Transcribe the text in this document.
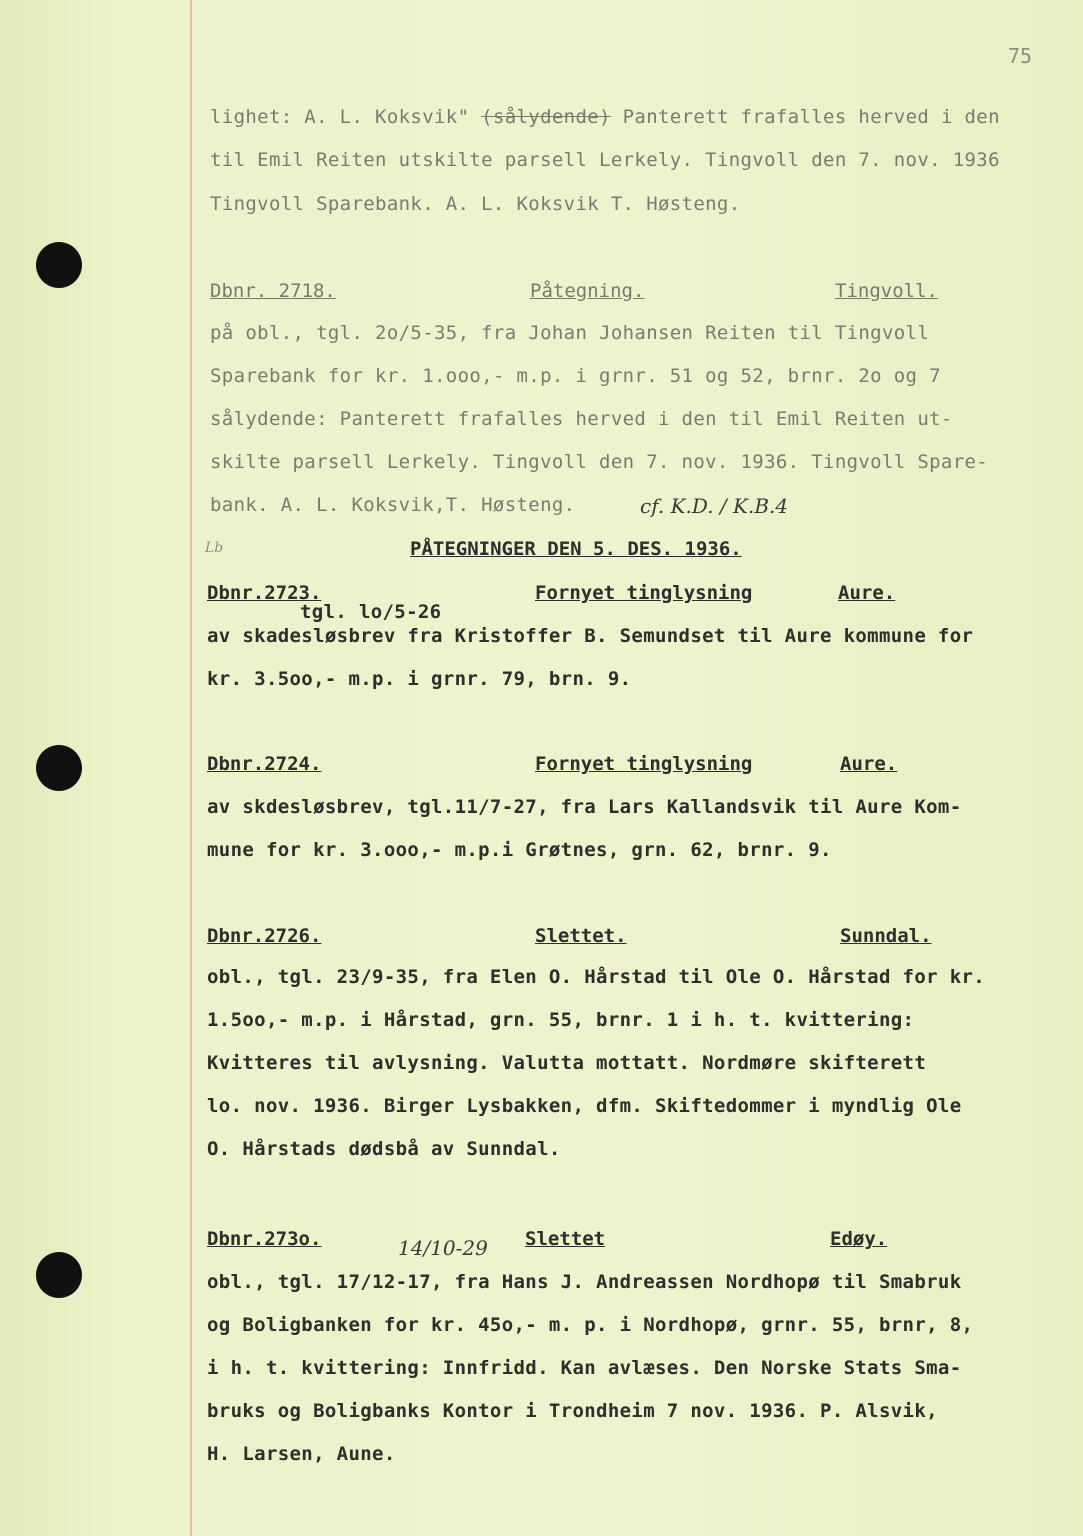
75
lighet: A. L. Koksvik" (sålydende) Panterett frafalles herved i den
til Emil Reiten utskilte parsell Lerkely. Tingvoll den 7. nov. 1936
Tingvoll Sparebank. A. L. Koksvik T. Høsteng.
Dbnr. 2718.	Påtegning.	Tingvoll.
på obl., tgl. 2o/5-35, fra Johan Johansen Reiten til Tingvoll
Sparebank for kr. 1.ooo,- m.p. i grnr. 51 og 52, brnr. 2o og 7
sålydende: Panterett frafalles herved i den til Emil Reiten ut-
skilte parsell Lerkely. Tingvoll den 7. nov. 1936. Tingvoll Spare-
bank. A. L. Koksvik,T. Høsteng.	cf. K.D. / K.B.4
Lb	PÅTEGNINGER DEN 5. DES. 1936.
Dbnr.2723.	Fornyet tinglysning	Aure.
tgl. lo/5-26
av skadesløsbrev fra Kristoffer B. Semundset til Aure kommune for
kr. 3.5oo,- m.p. i grnr. 79, brn. 9.
Dbnr.2724.	Fornyet tinglysning	Aure.
av skdesløsbrev, tgl.11/7-27, fra Lars Kallandsvik til Aure Kom-
mune for kr. 3.ooo,- m.p.i Grøtnes, grn. 62, brnr. 9.
Dbnr.2726.	Slettet.	Sunndal.
obl., tgl. 23/9-35, fra Elen O. Hårstad til Ole O. Hårstad for kr.
1.5oo,- m.p. i Hårstad, grn. 55, brnr. 1 i h. t. kvittering:
Kvitteres til avlysning. Valutta mottatt. Nordmøre skifterett
lo. nov. 1936. Birger Lysbakken, dfm. Skiftedommer i myndlig Ole
O. Hårstads dødsbå av Sunndal.
Dbnr.273o.	Slettet	Edøy.
14/10-29
obl., tgl. 17/12-17, fra Hans J. Andreassen Nordhopø til Smabruk
og Boligbanken for kr. 45o,- m. p. i Nordhopø, grnr. 55, brnr, 8,
i h. t. kvittering: Innfridd. Kan avlæses. Den Norske Stats Sma-
bruks og Boligbanks Kontor i Trondheim 7 nov. 1936. P. Alsvik,
H. Larsen, Aune.
